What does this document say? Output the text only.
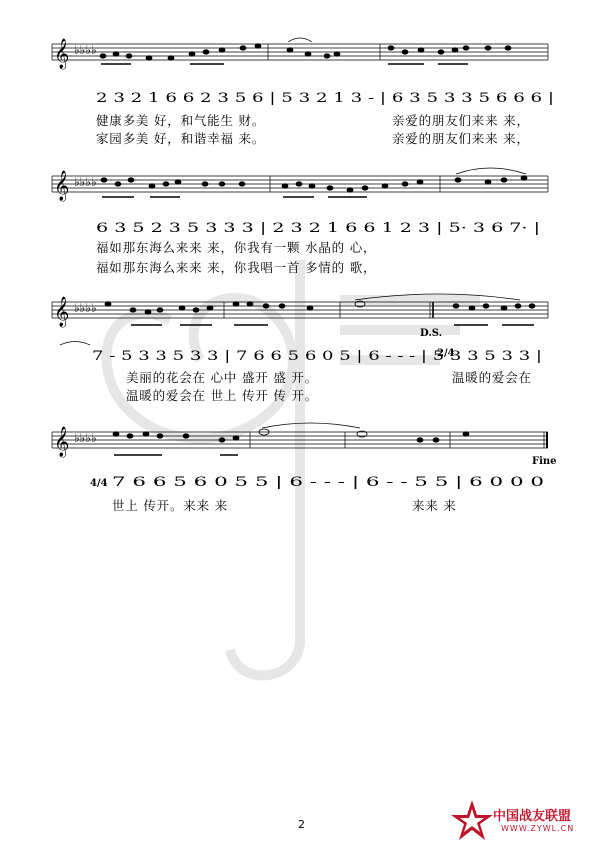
𝄞 ♭♭♭♭
2 3 2 1 6 6 2 3 5 6 | 5 3 2 1 3 - | 6 3 5 3 3 5 6 6 6 |
健康多美 好，和气能生 财。
家园多美 好，和谐幸福 来。
亲爱的朋友们来来 来，
亲爱的朋友们来来 来，
𝄞 ♭♭♭♭
6 3 5 2 3 5 3 3 3 | 2 3 2 1 6 6 1 2 3 | 5· 3 6 7· |
福如那东海么来来 来，你我有一颗 水晶的 心，
福如那东海么来来 来，你我唱一首 多情的 歌，
𝄞 ♭♭♭♭
D.S.
2/4
7 - 5 3 3 5 3 3 | 7 6 6 5 6 0 5 | 6 - - - | 5 3 3 5 3 3 |
美丽的花会在 心中 盛开 盛 开。
温暖的爱会在 世上 传开 传 开。
温暖的爱会在
𝄞 ♭♭♭♭
Fine
4/4 7 6 6 5 6 0 5 5 | 6 - - - | 6 - - 5 5 | 6 0 0 0
世上 传开。来来 来	来来 来
2
中国战友联盟
WWW.ZYWL.CN
